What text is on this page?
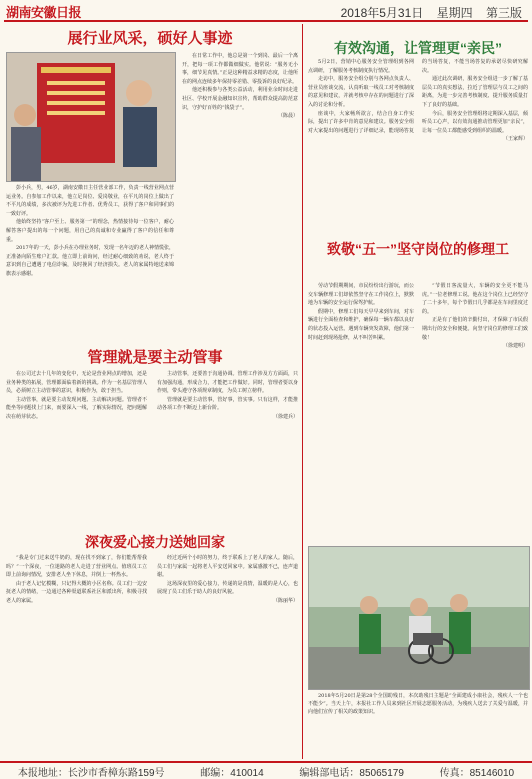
湖南安徽日报	2018年5月31日 星期四 第三版
展行业风采，硕好人事迹

彭小兵，男，46岁，湖南安徽日主任营业部工作，负责一线营业网点营运业务。自参加工作以来，他立足岗位、爱岗敬业，在平凡的岗位上做出了不平凡的成绩，多次被评为先进工作者、优秀员工，获得了客户和同事们的一致好评。

他始终坚持“客户至上、服务第一”的理念，热情接待每一位客户，耐心解答客户提出的每一个问题，用自己的真诚和专业赢得了客户的信任和尊重。

2017年的一天，彭小兵在办理业务时，发现一名年迈的老人神情慌张，正准备向陌生账户汇款。他立即上前询问，经过耐心细致的劝说，老人终于意识到自己遭遇了电信诈骗，及时挽回了经济损失。老人的家属特地送来锦旗表示感谢。

在日常工作中，他总是第一个到岗、最后一个离开，把每一项工作都做细做实。他常说：“服务无小事，细节见真情。”正是这种精益求精的态度，让他所在的网点连续多年保持零差错、零投诉的良好纪录。

他还积极参与各类公益活动，利用业余时间走进社区、学校开展金融知识宣传，帮助群众提高防范意识，守护好百姓的“钱袋子”。

（陈晨）

有效沟通，让管理更“亲民”

5月2日，营销中心服务安全管理组到各网点调研，了解服务考核制度执行情况。

走访中，服务安全组分别与各网点负责人、营业员座谈交流，认真听取一线员工对考核制度的意见和建议，并就考核中存在的问题进行了深入的讨论和分析。

座谈中，大家畅所欲言，结合自身工作实际，提出了许多中肯的意见和建议。服务安全组对大家提出的问题进行了详细记录，能现场答复的当场答复，不能当场答复的承诺尽快研究解决。

通过此次调研，服务安全组进一步了解了基层员工的真实想法，拉近了管理层与员工之间的距离，为进一步完善考核制度、提升服务质量打下了良好的基础。

今后，服务安全管理组将定期深入基层，倾听员工心声，以有效沟通推动管理更加“亲民”，让每一位员工都能感受到组织的温暖。

（王家辉）

管理就是要主动管事

在公司过去十几年的变化中，无论是营业网点的增加，还是业务种类的拓展，管理都面临着新的挑战。作为一名基层管理人员，必须树立主动管事的意识，积极作为，敢于担当。

主动管事，就是要主动发现问题、主动解决问题。管理者不能坐等问题找上门来，而要深入一线，了解实际情况，把问题解决在萌芽状态。

主动管事，还要善于沟通协调。管理工作涉及方方面面，只有加强沟通，形成合力，才能把工作做好。同时，管理者要以身作则，带头遵守各项规章制度，为员工树立榜样。

管理就是要主动管事，管好事，管实事。只有这样，才能推动各项工作不断迈上新台阶。

（徐建兵）

深夜爱心接力送她回家

“我是专门过来送牛奶的，现在找不到家了，你们能帮帮我吗？”一个深夜，一位迷路的老人走进了营业网点。值班员工立即上前询问情况，安排老人坐下休息，并倒上一杯热水。

由于老人记忆模糊，只记得大概的小区名称。员工们一边安抚老人的情绪，一边通过各种渠道联系社区和派出所，积极寻找老人的家属。

经过近两个小时的努力，终于联系上了老人的家人。随后，员工们与家属一起将老人平安送回家中。家属感激不已，连声道谢。

这场深夜里的爱心接力，传递的是真情，温暖的是人心，也展现了员工们乐于助人的良好风貌。

（陈丽华）

致敬“五一”坚守岗位的修理工

劳动节假期期间，市民纷纷出行游玩，而公交车辆修理工们却依然坚守在工作岗位上，默默地为车辆的安全运行保驾护航。

假期中，修理工们每天早早来到车间，对车辆进行全面检查和维护，确保每一辆车都以良好的状态投入运营。遇到车辆突发故障，他们第一时间赶到现场抢修，从不叫苦叫累。

“节假日客流量大，车辆的安全更不能马虎。”一位老修理工说。他在这个岗位上已经坚守了二十多年，每个节假日几乎都是在车间里度过的。

正是有了他们的辛勤付出，才保障了市民假期出行的安全和便捷。向坚守岗位的修理工们致敬！

（徐建明）

2018年5月20日是第28个全国助残日，本次助残日主题是“全面建成小康社会，残疾人一个也不能少”。当天上午，本报社工作人员来到社区开展志愿服务活动，为残疾人送去了关爱与温暖，并向他们宣传了相关的政策知识。

本报地址：长沙市香樟东路159号	邮编：410014	编辑部电话：85065179	传真：85146010
